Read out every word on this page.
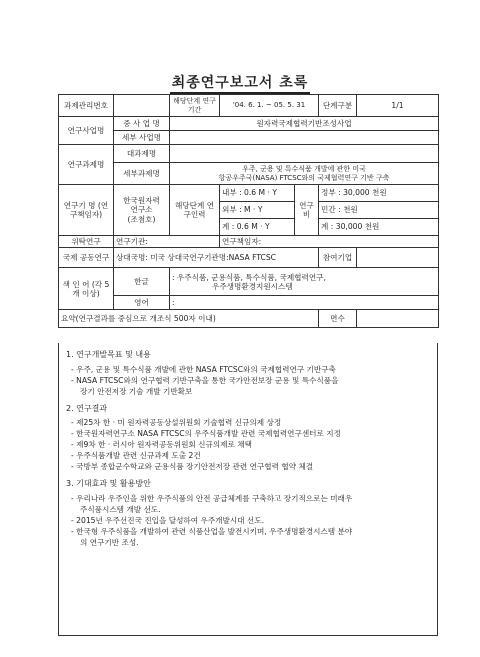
최종연구보고서 초록
과제관리번호		해당단계 연구기간	'04. 6. 1. ~ 05. 5. 31		단계구분	1/1
연구사업명	중 사 업 명	원자력국제협력기반조성사업				
	세부 사업명					
연구과제명	대과제명					
	세부과제명	우주, 군용 및 특수식품 개발에 관한 미국
항공우주국(NASA) FTCSC와의 국제협력연구 기반 구축				

연구기 명 (연구책임자)	한국원자력
연구소
(조첨호)	해당단계 연구인력	내부 : 0.6 M · Y	연구비	정부 : 30,000 천원	
			외부 : M · Y		민간 : 천원	
			계 : 0.6 M · Y		계 : 30,000 천원	
위탁연구	연구기관:		연구책임자:			
국제 공동연구	상대국명: 미국 상대국연구기관명:NASA FTCSC				참여기업	
색 인 어 (각 5개 이상)	한글	: 우주식품, 군용식품, 특수식품, 국제협력연구,
우주생명환경지원시스템				

	영어	:				
요약(연구결과를 중심으로 개조식 500자 이내)					면수	
1. 연구개발목표 및 내용
- 우주, 군용 및 특수식품 개발에 관한 NASA FTCSC와의 국제협력연구 기반구축
- NASA FTCSC와의 연구협력 기반구축을 통한 국가안전보장 군용 및 특수식품을
장기 안전저장 기술 개발 기반확보
2. 연구결과
- 제25차 한 · 미 원자력공동상설위원회 기술협력 신규의제 상정
- 한국원자력연구소 NASA FTCSC의 우주식품개발 관련 국제협력연구센터로 지정
- 제9차 한 · 러시아 원자력공동위원회 신규의제로 채택
- 우주식품개발 관련 신규과제 도출 2건
- 국방부 종합군수학교와 군용식품 장기안전저장 관련 연구협력 협약 체결
3. 기대효과 및 활용방안
- 우리나라 우주인을 위한 우주식품의 안전 공급체계를 구축하고 장기적으로는 미래우
주식품시스템 개발 선도.
- 2015년 우주선진국 진입을 달성하여 우주개발시대 선도.
- 한국형 우주식품을 개발하여 관련 식품산업을 발전시키며, 우주생명환경시스템 분야
의 연구기반 조성.
